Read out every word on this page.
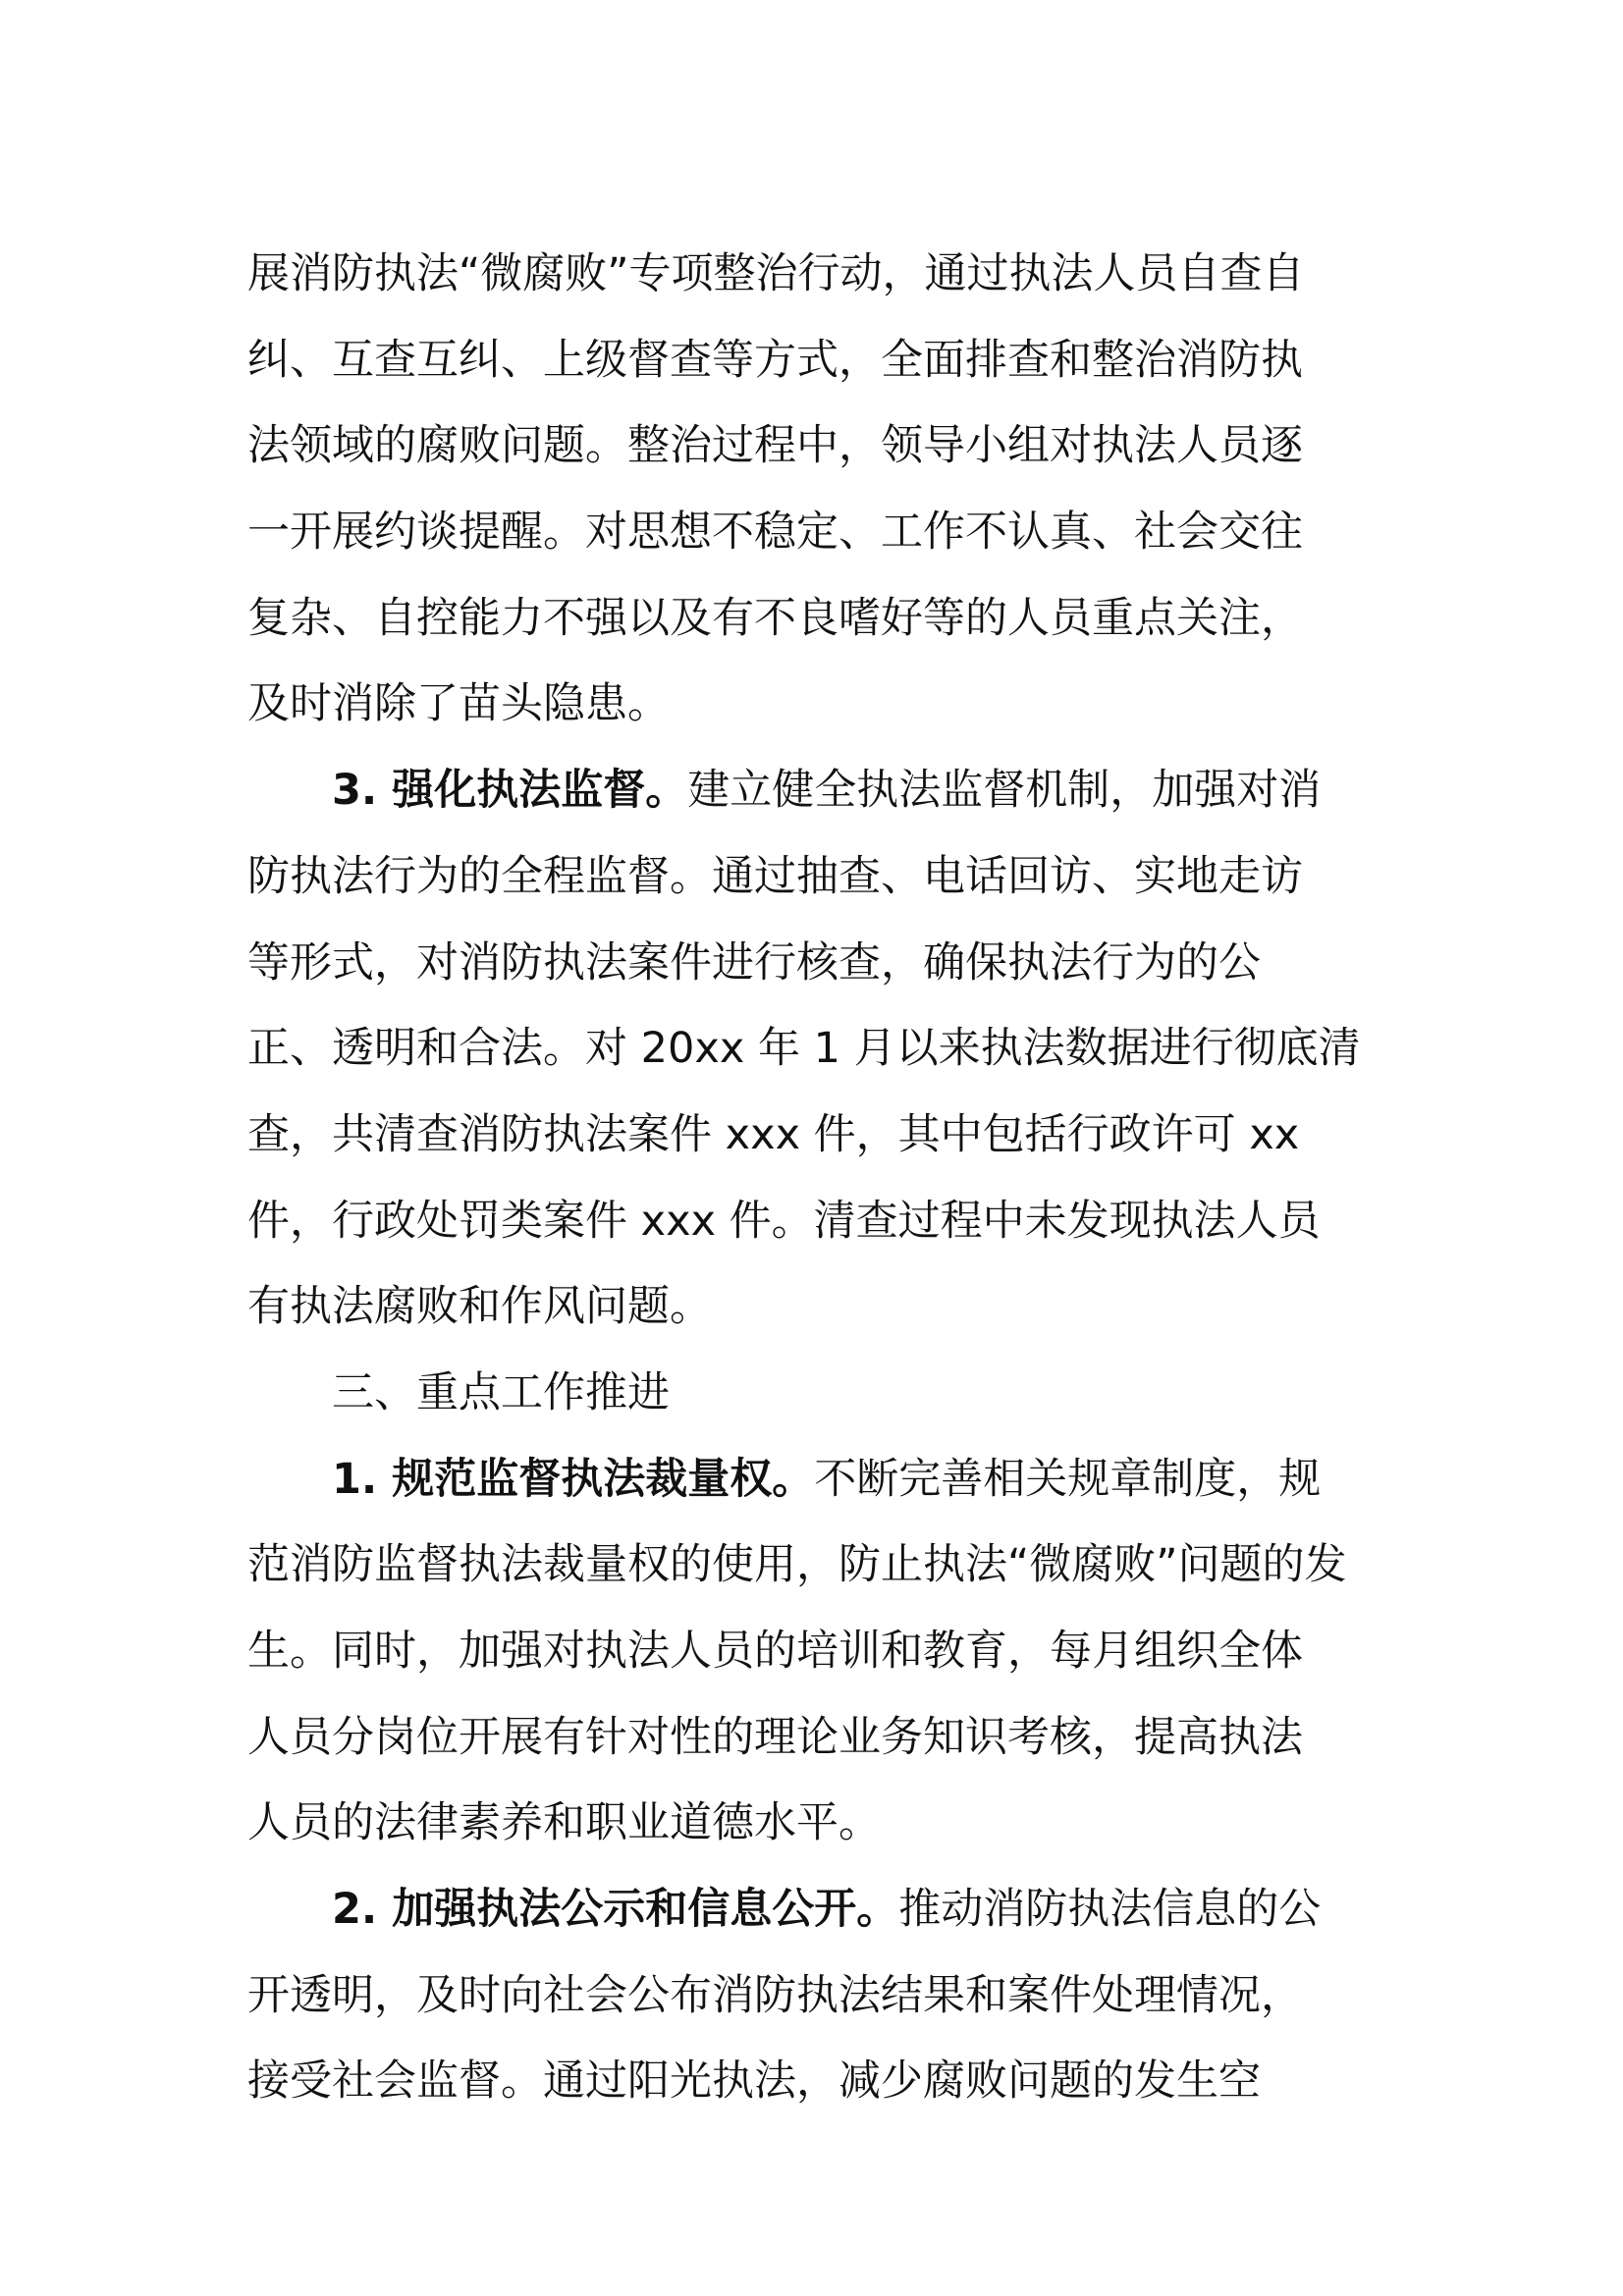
展消防执法“微腐败”专项整治行动，通过执法人员自查自
纠、互查互纠、上级督查等方式，全面排查和整治消防执
法领域的腐败问题。整治过程中，领导小组对执法人员逐
一开展约谈提醒。对思想不稳定、工作不认真、社会交往
复杂、自控能力不强以及有不良嗜好等的人员重点关注，
及时消除了苗头隐患。
3. 强化执法监督。建立健全执法监督机制，加强对消
防执法行为的全程监督。通过抽查、电话回访、实地走访
等形式，对消防执法案件进行核查，确保执法行为的公
正、透明和合法。对 20xx 年 1 月以来执法数据进行彻底清
查，共清查消防执法案件 xxx 件，其中包括行政许可 xx
件，行政处罚类案件 xxx 件。清查过程中未发现执法人员
有执法腐败和作风问题。
三、重点工作推进
1. 规范监督执法裁量权。不断完善相关规章制度，规
范消防监督执法裁量权的使用，防止执法“微腐败”问题的发
生。同时，加强对执法人员的培训和教育，每月组织全体
人员分岗位开展有针对性的理论业务知识考核，提高执法
人员的法律素养和职业道德水平。
2. 加强执法公示和信息公开。推动消防执法信息的公
开透明，及时向社会公布消防执法结果和案件处理情况，
接受社会监督。通过阳光执法，减少腐败问题的发生空
